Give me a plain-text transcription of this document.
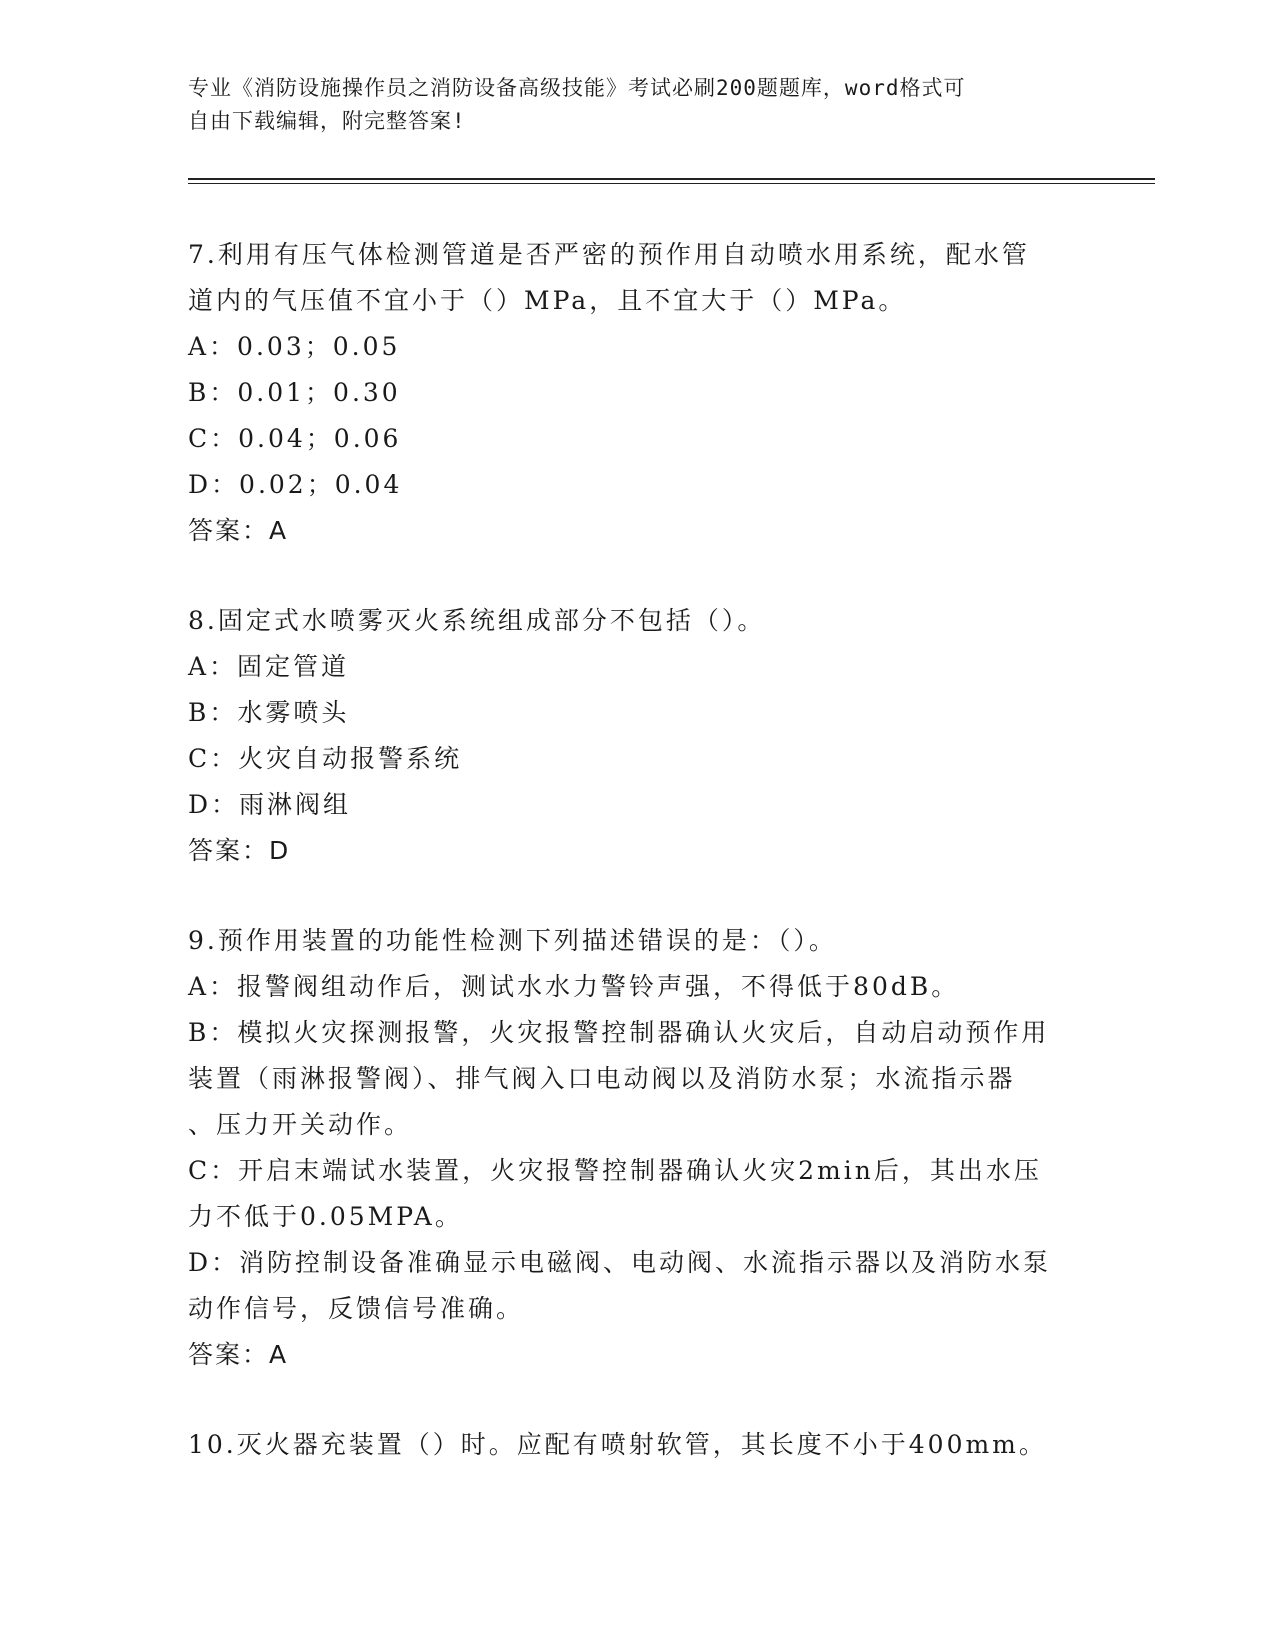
专业《消防设施操作员之消防设备高级技能》考试必刷200题题库，word格式可
自由下载编辑，附完整答案!
7.利用有压气体检测管道是否严密的预作用自动喷水用系统，配水管
道内的气压值不宜小于（）MPa，且不宜大于（）MPa。
A：0.03；0.05
B：0.01；0.30
C：0.04；0.06
D：0.02；0.04
答案：A
8.固定式水喷雾灭火系统组成部分不包括（）。
A：固定管道
B：水雾喷头
C：火灾自动报警系统
D：雨淋阀组
答案：D
9.预作用装置的功能性检测下列描述错误的是：（）。
A：报警阀组动作后，测试水水力警铃声强，不得低于80dB。
B：模拟火灾探测报警，火灾报警控制器确认火灾后，自动启动预作用
装置（雨淋报警阀）、排气阀入口电动阀以及消防水泵；水流指示器
、压力开关动作。
C：开启末端试水装置，火灾报警控制器确认火灾2min后，其出水压
力不低于0.05MPA。
D：消防控制设备准确显示电磁阀、电动阀、水流指示器以及消防水泵
动作信号，反馈信号准确。
答案：A
10.灭火器充装置（）时。应配有喷射软管，其长度不小于400mm。
